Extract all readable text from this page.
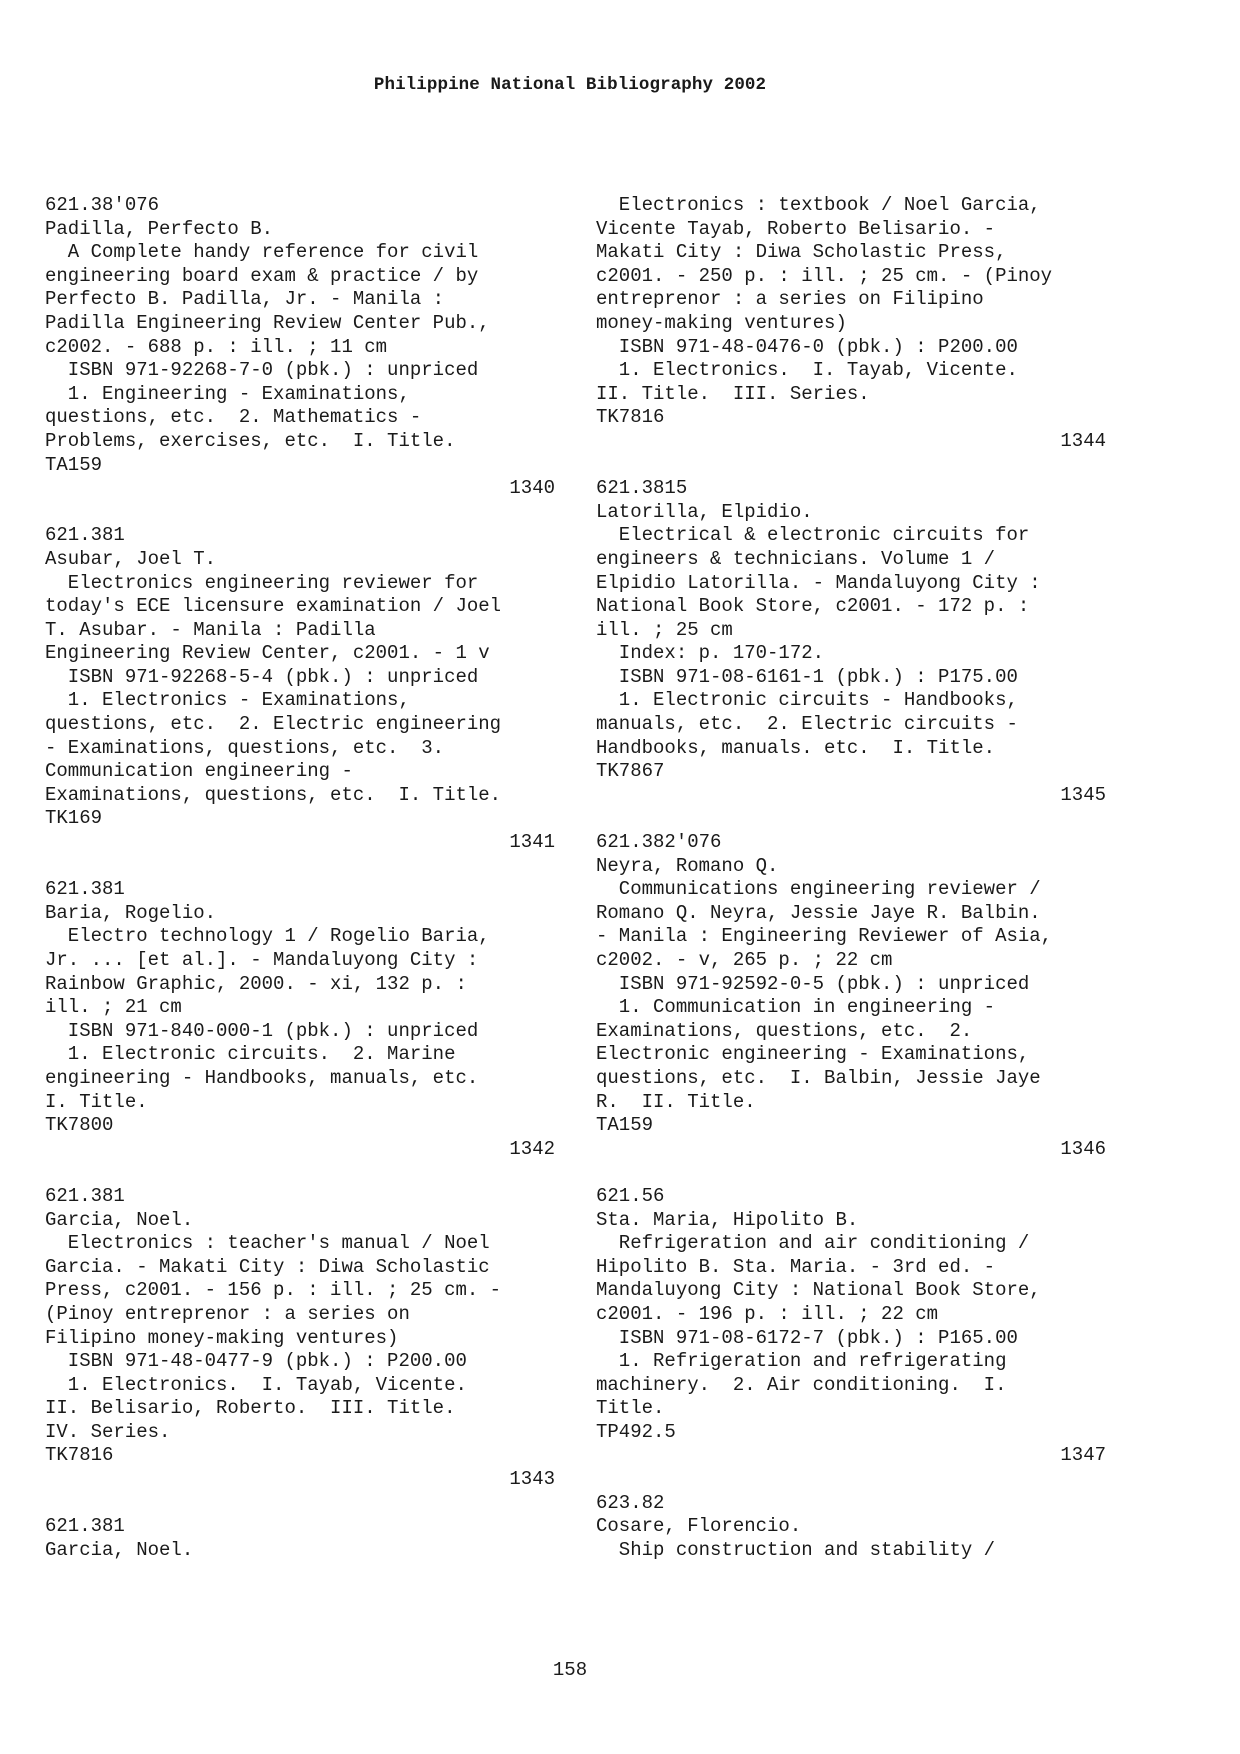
Philippine National Bibliography 2002
621.38'076
Padilla, Perfecto B.
A Complete handy reference for civil
engineering board exam & practice / by
Perfecto B. Padilla, Jr. - Manila :
Padilla Engineering Review Center Pub.,
c2002. - 688 p. : ill. ; 11 cm
ISBN 971-92268-7-0 (pbk.) : unpriced
1. Engineering - Examinations,
questions, etc.  2. Mathematics -
Problems, exercises, etc.  I. Title.
TA159
1340
621.381
Asubar, Joel T.
Electronics engineering reviewer for
today's ECE licensure examination / Joel
T. Asubar. - Manila : Padilla
Engineering Review Center, c2001. - 1 v
ISBN 971-92268-5-4 (pbk.) : unpriced
1. Electronics - Examinations,
questions, etc.  2. Electric engineering
- Examinations, questions, etc.  3.
Communication engineering -
Examinations, questions, etc.  I. Title.
TK169
1341
621.381
Baria, Rogelio.
Electro technology 1 / Rogelio Baria,
Jr. ... [et al.]. - Mandaluyong City :
Rainbow Graphic, 2000. - xi, 132 p. :
ill. ; 21 cm
ISBN 971-840-000-1 (pbk.) : unpriced
1. Electronic circuits.  2. Marine
engineering - Handbooks, manuals, etc.
I. Title.
TK7800
1342
621.381
Garcia, Noel.
Electronics : teacher's manual / Noel
Garcia. - Makati City : Diwa Scholastic
Press, c2001. - 156 p. : ill. ; 25 cm. -
(Pinoy entreprenor : a series on
Filipino money-making ventures)
ISBN 971-48-0477-9 (pbk.) : P200.00
1. Electronics.  I. Tayab, Vicente.
II. Belisario, Roberto.  III. Title.
IV. Series.
TK7816
1343
621.381
Garcia, Noel.
Electronics : textbook / Noel Garcia,
Vicente Tayab, Roberto Belisario. -
Makati City : Diwa Scholastic Press,
c2001. - 250 p. : ill. ; 25 cm. - (Pinoy
entreprenor : a series on Filipino
money-making ventures)
ISBN 971-48-0476-0 (pbk.) : P200.00
1. Electronics.  I. Tayab, Vicente.
II. Title.  III. Series.
TK7816
1344
621.3815
Latorilla, Elpidio.
Electrical & electronic circuits for
engineers & technicians. Volume 1 /
Elpidio Latorilla. - Mandaluyong City :
National Book Store, c2001. - 172 p. :
ill. ; 25 cm
Index: p. 170-172.
ISBN 971-08-6161-1 (pbk.) : P175.00
1. Electronic circuits - Handbooks,
manuals, etc.  2. Electric circuits -
Handbooks, manuals. etc.  I. Title.
TK7867
1345
621.382'076
Neyra, Romano Q.
Communications engineering reviewer /
Romano Q. Neyra, Jessie Jaye R. Balbin.
- Manila : Engineering Reviewer of Asia,
c2002. - v, 265 p. ; 22 cm
ISBN 971-92592-0-5 (pbk.) : unpriced
1. Communication in engineering -
Examinations, questions, etc.  2.
Electronic engineering - Examinations,
questions, etc.  I. Balbin, Jessie Jaye
R.  II. Title.
TA159
1346
621.56
Sta. Maria, Hipolito B.
Refrigeration and air conditioning /
Hipolito B. Sta. Maria. - 3rd ed. -
Mandaluyong City : National Book Store,
c2001. - 196 p. : ill. ; 22 cm
ISBN 971-08-6172-7 (pbk.) : P165.00
1. Refrigeration and refrigerating
machinery.  2. Air conditioning.  I.
Title.
TP492.5
1347
623.82
Cosare, Florencio.
Ship construction and stability /
158
